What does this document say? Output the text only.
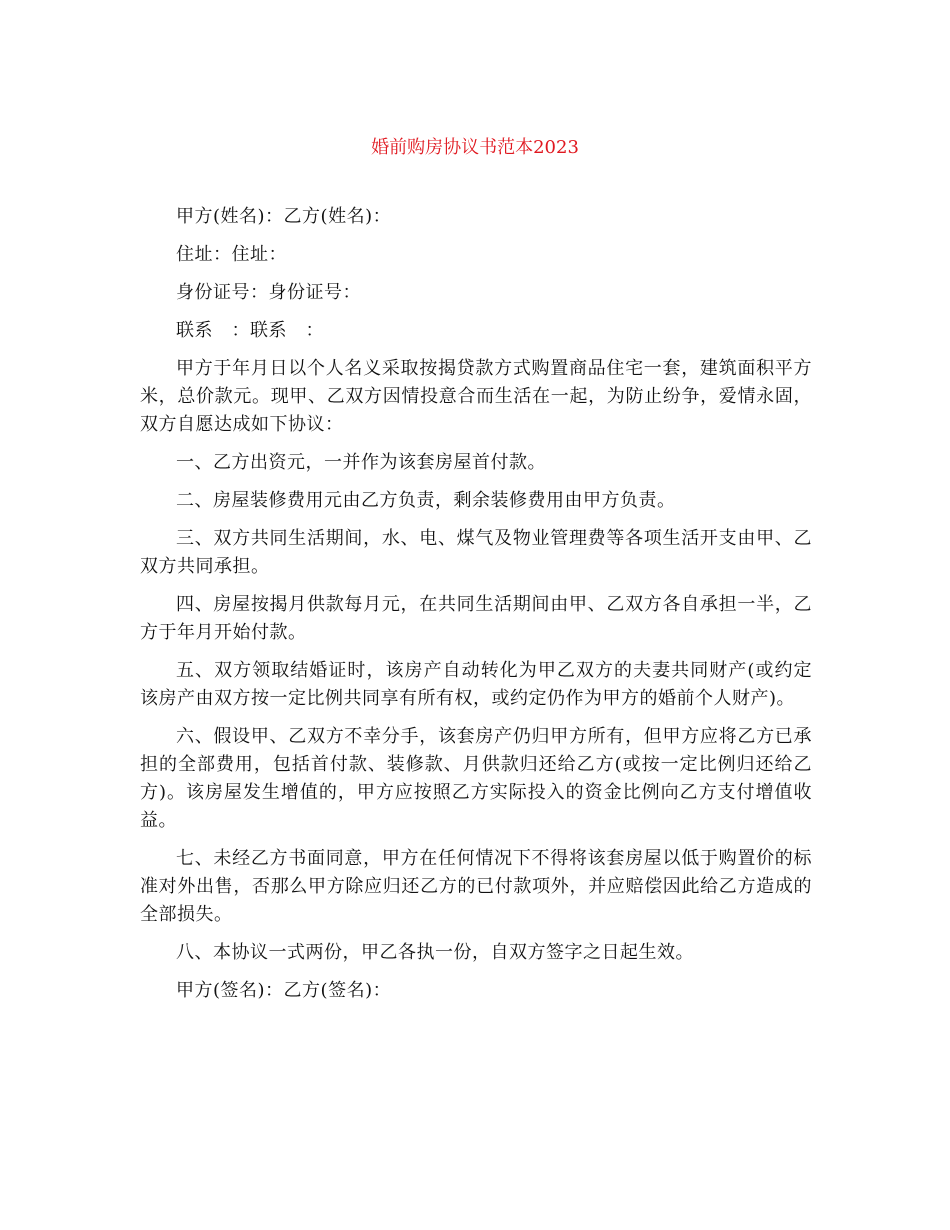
婚前购房协议书范本2023

甲方(姓名)：乙方(姓名)：

住址：住址：

身份证号：身份证号：

联系　：联系　：

甲方于年月日以个人名义采取按揭贷款方式购置商品住宅一套，建筑面积平方米，总价款元。现甲、乙双方因情投意合而生活在一起，为防止纷争，爱情永固，双方自愿达成如下协议：

一、乙方出资元，一并作为该套房屋首付款。

二、房屋装修费用元由乙方负责，剩余装修费用由甲方负责。

三、双方共同生活期间，水、电、煤气及物业管理费等各项生活开支由甲、乙双方共同承担。

四、房屋按揭月供款每月元，在共同生活期间由甲、乙双方各自承担一半，乙方于年月开始付款。

五、双方领取结婚证时，该房产自动转化为甲乙双方的夫妻共同财产(或约定该房产由双方按一定比例共同享有所有权，或约定仍作为甲方的婚前个人财产)。

六、假设甲、乙双方不幸分手，该套房产仍归甲方所有，但甲方应将乙方已承担的全部费用，包括首付款、装修款、月供款归还给乙方(或按一定比例归还给乙方)。该房屋发生增值的，甲方应按照乙方实际投入的资金比例向乙方支付增值收益。

七、未经乙方书面同意，甲方在任何情况下不得将该套房屋以低于购置价的标准对外出售，否那么甲方除应归还乙方的已付款项外，并应赔偿因此给乙方造成的全部损失。

八、本协议一式两份，甲乙各执一份，自双方签字之日起生效。

甲方(签名)：乙方(签名)：
